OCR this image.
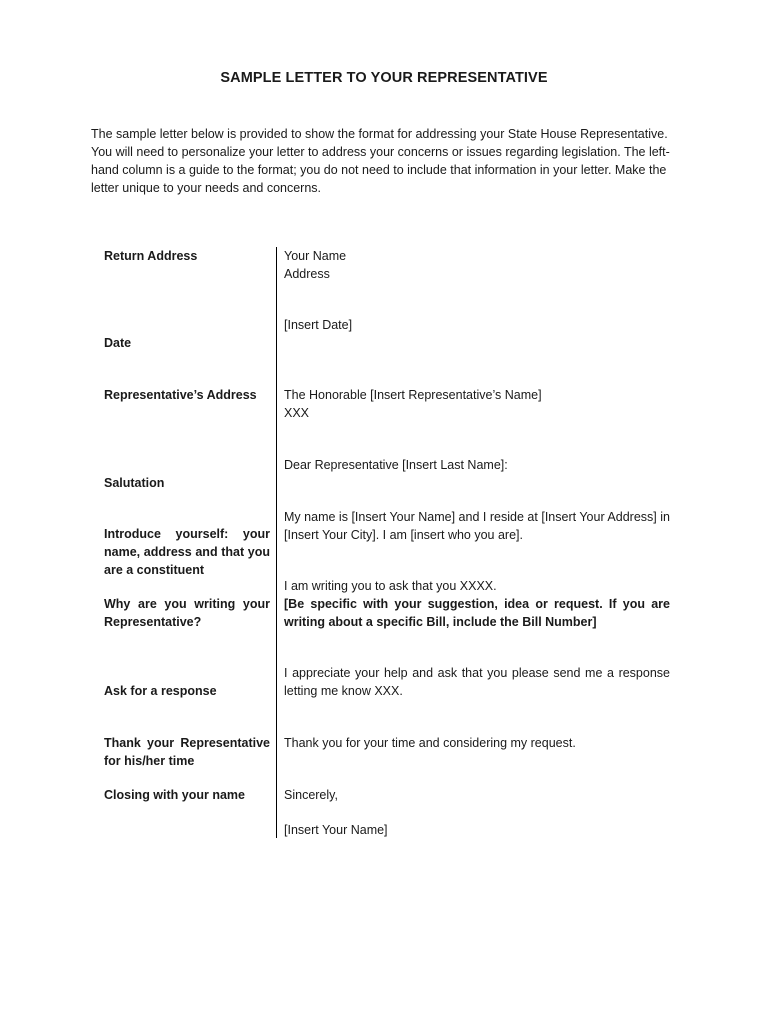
SAMPLE LETTER TO YOUR REPRESENTATIVE

The sample letter below is provided to show the format for addressing your State House Representative. You will need to personalize your letter to address your concerns or issues regarding legislation. The left-hand column is a guide to the format; you do not need to include that information in your letter. Make the letter unique to your needs and concerns.

Return Address
Date
Representative’s Address
Salutation
Introduce yourself: your name, address and that you are a constituent
Why are you writing your Representative?
Ask for a response
Thank your Representative for his/her time
Closing with your name
Your Name
Address
[Insert Date]
The Honorable [Insert Representative’s Name]
XXX
Dear Representative [Insert Last Name]:
My name is [Insert Your Name] and I reside at [Insert Your Address] in [Insert Your City]. I am [insert who you are].
I am writing you to ask that you XXXX.
[Be specific with your suggestion, idea or request. If you are writing about a specific Bill, include the Bill Number]
I appreciate your help and ask that you please send me a response letting me know XXX.
Thank you for your time and considering my request.
Sincerely,
[Insert Your Name]
